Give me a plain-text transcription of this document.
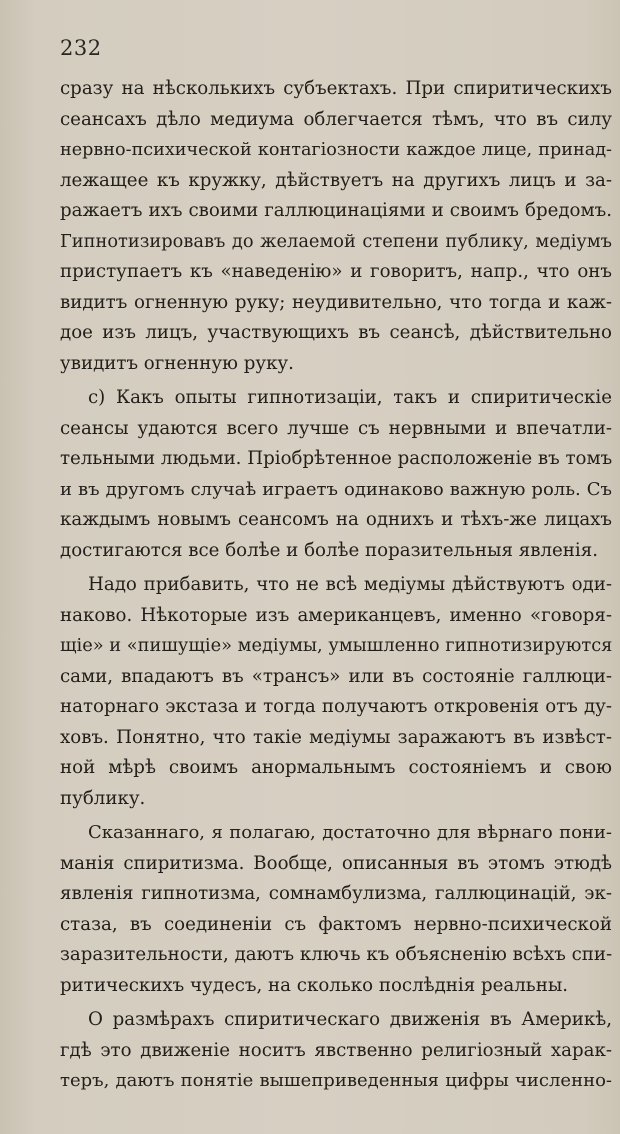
232
сразу на нѣсколькихъ субъектахъ. При спиритическихъ
сеансахъ дѣло медиума облегчается тѣмъ, что въ силу
нервно-психической контагіозности каждое лице, принад-
лежащее къ кружку, дѣйствуетъ на другихъ лицъ и за-
ражаетъ ихъ своими галлюцинаціями и своимъ бредомъ.
Гипнотизировавъ до желаемой степени публику, медіумъ
приступаетъ къ «наведенію» и говоритъ, напр., что онъ
видитъ огненную руку; неудивительно, что тогда и каж-
дое изъ лицъ, участвующихъ въ сеансѣ, дѣйствительно
увидитъ огненную руку.
с) Какъ опыты гипнотизаціи, такъ и спиритическіе
сеансы удаются всего лучше съ нервными и впечатли-
тельными людьми. Пріобрѣтенное расположеніе въ томъ
и въ другомъ случаѣ играетъ одинаково важную роль. Съ
каждымъ новымъ сеансомъ на однихъ и тѣхъ-же лицахъ
достигаются все болѣе и болѣе поразительныя явленія.
Надо прибавить, что не всѣ медіумы дѣйствуютъ оди-
наково. Нѣкоторые изъ американцевъ, именно «говоря-
щіе» и «пишущіе» медіумы, умышленно гипнотизируются
сами, впадаютъ въ «трансъ» или въ состояніе галлюци-
наторнаго экстаза и тогда получаютъ откровенія отъ ду-
ховъ. Понятно, что такіе медіумы заражаютъ въ извѣст-
ной мѣрѣ своимъ анормальнымъ состояніемъ и свою
публику.
Сказаннаго, я полагаю, достаточно для вѣрнаго пони-
манія спиритизма. Вообще, описанныя въ этомъ этюдѣ
явленія гипнотизма, сомнамбулизма, галлюцинацій, эк-
стаза, въ соединеніи съ фактомъ нервно-психической
заразительности, даютъ ключь къ объясненію всѣхъ спи-
ритическихъ чудесъ, на сколько послѣднія реальны.
О размѣрахъ спиритическаго движенія въ Америкѣ,
гдѣ это движеніе носитъ явственно религіозный харак-
теръ, даютъ понятіе вышеприведенныя цифры численно-
